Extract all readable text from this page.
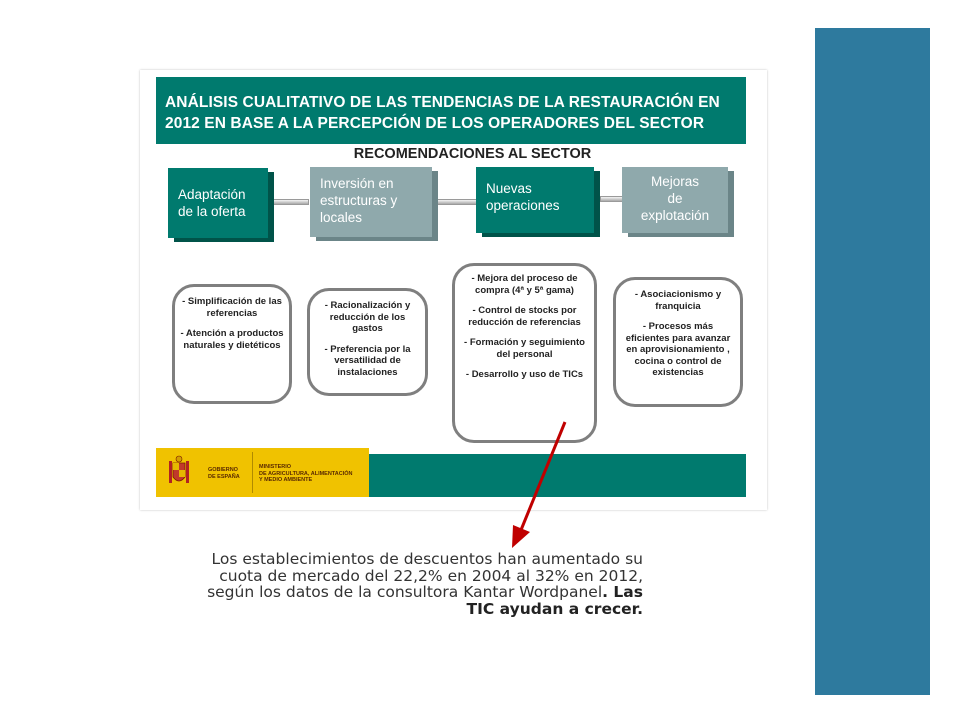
ANÁLISIS CUALITATIVO DE LAS TENDENCIAS DE LA RESTAURACIÓN EN
2012 EN BASE A LA PERCEPCIÓN DE LOS OPERADORES DEL SECTOR
RECOMENDACIONES AL SECTOR
Adaptación
de la oferta
Inversión en
estructuras y
locales
Nuevas
operaciones
Mejoras
de
explotación

- Simplificación de las referencias

- Atención a productos naturales y dietéticos

- Racionalización y reducción de los gastos

- Preferencia por la versatilidad de instalaciones

- Mejora del proceso de compra (4ª y 5ª gama)

- Control de stocks por reducción de referencias

- Formación y seguimiento del personal

- Desarrollo y uso de TICs

- Asociacionismo y franquicia

- Procesos más eficientes para avanzar en aprovisionamiento , cocina o control de existencias

GOBIERNO
DE ESPAÑA
MINISTERIO
DE AGRICULTURA, ALIMENTACIÓN
Y MEDIO AMBIENTE
Los establecimientos de descuentos han aumentado su cuota de mercado del 22,2% en 2004 al 32% en 2012, según los datos de la consultora Kantar Wordpanel. Las TIC ayudan a crecer.
